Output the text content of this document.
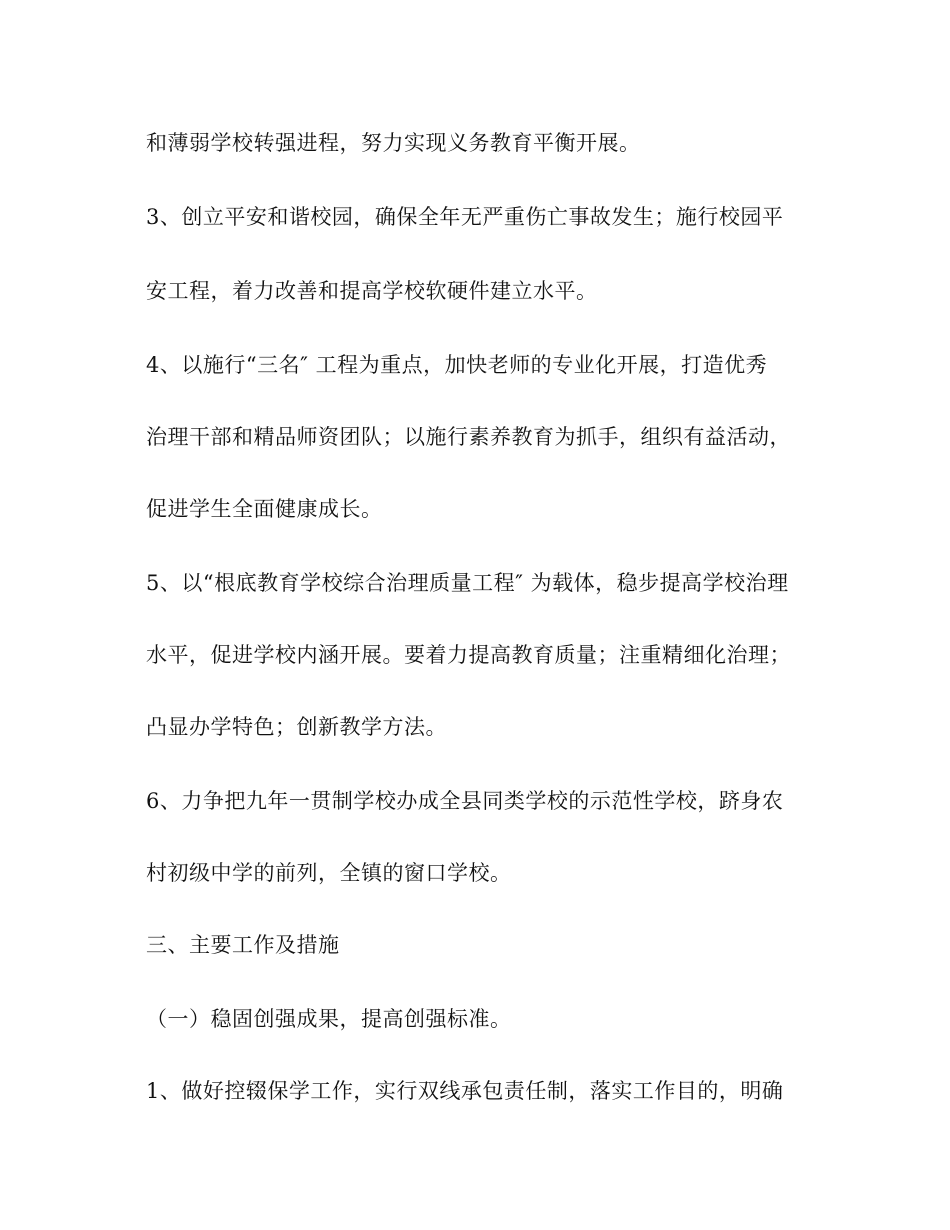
和薄弱学校转强进程，努力实现义务教育平衡开展。

3、创立平安和谐校园，确保全年无严重伤亡事故发生；施行校园平

安工程，着力改善和提高学校软硬件建立水平。

4、以施行“三名″ 工程为重点，加快老师的专业化开展，打造优秀

治理干部和精品师资团队；以施行素养教育为抓手，组织有益活动，

促进学生全面健康成长。

5、以“根底教育学校综合治理质量工程″ 为载体，稳步提高学校治理

水平，促进学校内涵开展。要着力提高教育质量；注重精细化治理；

凸显办学特色；创新教学方法。

6、力争把九年一贯制学校办成全县同类学校的示范性学校，跻身农

村初级中学的前列，全镇的窗口学校。

三、主要工作及措施

（一）稳固创强成果，提高创强标准。

1、做好控辍保学工作，实行双线承包责任制，落实工作目的，明确
